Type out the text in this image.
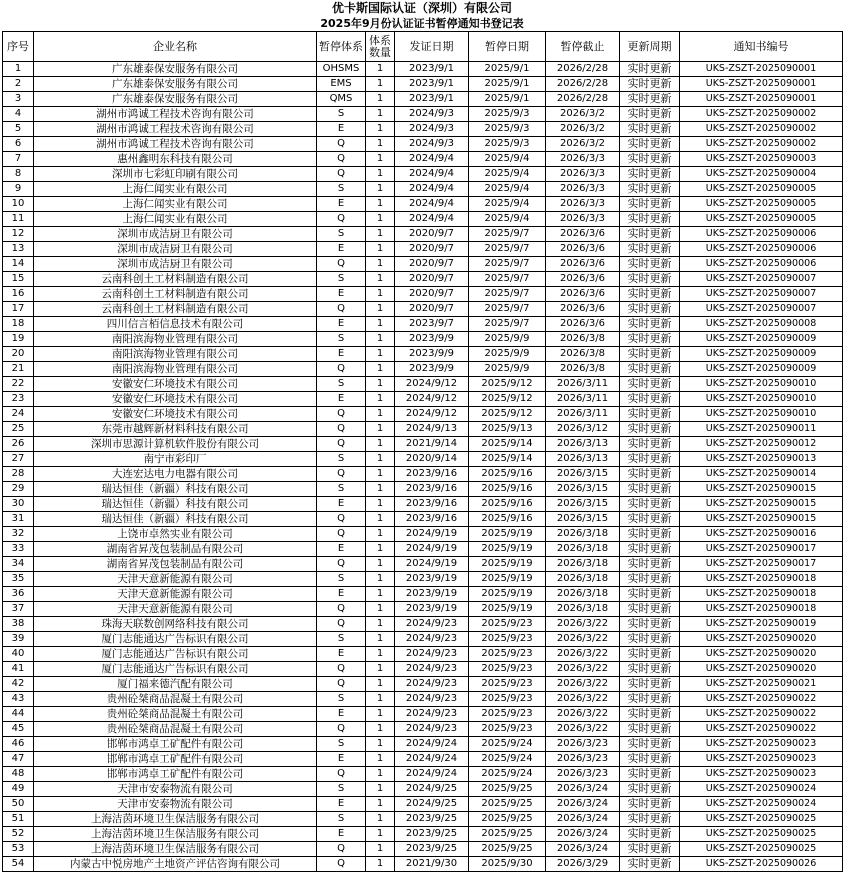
优卡斯国际认证（深圳）有限公司
2025年9月份认证证书暂停通知书登记表
序号	企业名称	暂停体系	体系数量	发证日期	暂停日期	暂停截止	更新周期	通知书编号
1	广东雄泰保安服务有限公司	OHSMS	1	2023/9/1	2025/9/1	2026/2/28	实时更新	UKS-ZSZT-2025090001
2	广东雄泰保安服务有限公司	EMS	1	2023/9/1	2025/9/1	2026/2/28	实时更新	UKS-ZSZT-2025090001
3	广东雄泰保安服务有限公司	QMS	1	2023/9/1	2025/9/1	2026/2/28	实时更新	UKS-ZSZT-2025090001
4	湖州市鸿诚工程技术咨询有限公司	S	1	2024/9/3	2025/9/3	2026/3/2	实时更新	UKS-ZSZT-2025090002
5	湖州市鸿诚工程技术咨询有限公司	E	1	2024/9/3	2025/9/3	2026/3/2	实时更新	UKS-ZSZT-2025090002
6	湖州市鸿诚工程技术咨询有限公司	Q	1	2024/9/3	2025/9/3	2026/3/2	实时更新	UKS-ZSZT-2025090002
7	惠州鑫明东科技有限公司	Q	1	2024/9/4	2025/9/4	2026/3/3	实时更新	UKS-ZSZT-2025090003
8	深圳市七彩虹印刷有限公司	Q	1	2024/9/4	2025/9/4	2026/3/3	实时更新	UKS-ZSZT-2025090004
9	上海仁闻实业有限公司	S	1	2024/9/4	2025/9/4	2026/3/3	实时更新	UKS-ZSZT-2025090005
10	上海仁闻实业有限公司	E	1	2024/9/4	2025/9/4	2026/3/3	实时更新	UKS-ZSZT-2025090005
11	上海仁闻实业有限公司	Q	1	2024/9/4	2025/9/4	2026/3/3	实时更新	UKS-ZSZT-2025090005
12	深圳市成洁厨卫有限公司	S	1	2020/9/7	2025/9/7	2026/3/6	实时更新	UKS-ZSZT-2025090006
13	深圳市成洁厨卫有限公司	E	1	2020/9/7	2025/9/7	2026/3/6	实时更新	UKS-ZSZT-2025090006
14	深圳市成洁厨卫有限公司	Q	1	2020/9/7	2025/9/7	2026/3/6	实时更新	UKS-ZSZT-2025090006
15	云南科创土工材料制造有限公司	S	1	2020/9/7	2025/9/7	2026/3/6	实时更新	UKS-ZSZT-2025090007
16	云南科创土工材料制造有限公司	E	1	2020/9/7	2025/9/7	2026/3/6	实时更新	UKS-ZSZT-2025090007
17	云南科创土工材料制造有限公司	Q	1	2020/9/7	2025/9/7	2026/3/6	实时更新	UKS-ZSZT-2025090007
18	四川信言栢信息技术有限公司	E	1	2023/9/7	2025/9/7	2026/3/6	实时更新	UKS-ZSZT-2025090008
19	南阳滨海物业管理有限公司	S	1	2023/9/9	2025/9/9	2026/3/8	实时更新	UKS-ZSZT-2025090009
20	南阳滨海物业管理有限公司	E	1	2023/9/9	2025/9/9	2026/3/8	实时更新	UKS-ZSZT-2025090009
21	南阳滨海物业管理有限公司	Q	1	2023/9/9	2025/9/9	2026/3/8	实时更新	UKS-ZSZT-2025090009
22	安徽安仁环境技术有限公司	S	1	2024/9/12	2025/9/12	2026/3/11	实时更新	UKS-ZSZT-2025090010
23	安徽安仁环境技术有限公司	E	1	2024/9/12	2025/9/12	2026/3/11	实时更新	UKS-ZSZT-2025090010
24	安徽安仁环境技术有限公司	Q	1	2024/9/12	2025/9/12	2026/3/11	实时更新	UKS-ZSZT-2025090010
25	东莞市越辉新材料科技有限公司	Q	1	2024/9/13	2025/9/13	2026/3/12	实时更新	UKS-ZSZT-2025090011
26	深圳市思源计算机软件股份有限公司	Q	1	2021/9/14	2025/9/14	2026/3/13	实时更新	UKS-ZSZT-2025090012
27	南宁市彩印厂	S	1	2020/9/14	2025/9/14	2026/3/13	实时更新	UKS-ZSZT-2025090013
28	大连宏达电力电器有限公司	Q	1	2023/9/16	2025/9/16	2026/3/15	实时更新	UKS-ZSZT-2025090014
29	瑞达恒佳（新疆）科技有限公司	S	1	2023/9/16	2025/9/16	2026/3/15	实时更新	UKS-ZSZT-2025090015
30	瑞达恒佳（新疆）科技有限公司	E	1	2023/9/16	2025/9/16	2026/3/15	实时更新	UKS-ZSZT-2025090015
31	瑞达恒佳（新疆）科技有限公司	Q	1	2023/9/16	2025/9/16	2026/3/15	实时更新	UKS-ZSZT-2025090015
32	上饶市卓然实业有限公司	Q	1	2024/9/19	2025/9/19	2026/3/18	实时更新	UKS-ZSZT-2025090016
33	湖南省昇茂包装制品有限公司	E	1	2024/9/19	2025/9/19	2026/3/18	实时更新	UKS-ZSZT-2025090017
34	湖南省昇茂包装制品有限公司	Q	1	2024/9/19	2025/9/19	2026/3/18	实时更新	UKS-ZSZT-2025090017
35	天津天意新能源有限公司	S	1	2023/9/19	2025/9/19	2026/3/18	实时更新	UKS-ZSZT-2025090018
36	天津天意新能源有限公司	E	1	2023/9/19	2025/9/19	2026/3/18	实时更新	UKS-ZSZT-2025090018
37	天津天意新能源有限公司	Q	1	2023/9/19	2025/9/19	2026/3/18	实时更新	UKS-ZSZT-2025090018
38	珠海天联数创网络科技有限公司	Q	1	2024/9/23	2025/9/23	2026/3/22	实时更新	UKS-ZSZT-2025090019
39	厦门志能通达广告标识有限公司	S	1	2024/9/23	2025/9/23	2026/3/22	实时更新	UKS-ZSZT-2025090020
40	厦门志能通达广告标识有限公司	E	1	2024/9/23	2025/9/23	2026/3/22	实时更新	UKS-ZSZT-2025090020
41	厦门志能通达广告标识有限公司	Q	1	2024/9/23	2025/9/23	2026/3/22	实时更新	UKS-ZSZT-2025090020
42	厦门福来德汽配有限公司	Q	1	2024/9/23	2025/9/23	2026/3/22	实时更新	UKS-ZSZT-2025090021
43	贵州砼桀商品混凝土有限公司	S	1	2024/9/23	2025/9/23	2026/3/22	实时更新	UKS-ZSZT-2025090022
44	贵州砼桀商品混凝土有限公司	E	1	2024/9/23	2025/9/23	2026/3/22	实时更新	UKS-ZSZT-2025090022
45	贵州砼桀商品混凝土有限公司	Q	1	2024/9/23	2025/9/23	2026/3/22	实时更新	UKS-ZSZT-2025090022
46	邯郸市鸿卓工矿配件有限公司	S	1	2024/9/24	2025/9/24	2026/3/23	实时更新	UKS-ZSZT-2025090023
47	邯郸市鸿卓工矿配件有限公司	E	1	2024/9/24	2025/9/24	2026/3/23	实时更新	UKS-ZSZT-2025090023
48	邯郸市鸿卓工矿配件有限公司	Q	1	2024/9/24	2025/9/24	2026/3/23	实时更新	UKS-ZSZT-2025090023
49	天津市安泰物流有限公司	S	1	2024/9/25	2025/9/25	2026/3/24	实时更新	UKS-ZSZT-2025090024
50	天津市安泰物流有限公司	E	1	2024/9/25	2025/9/25	2026/3/24	实时更新	UKS-ZSZT-2025090024
51	上海洁茵环境卫生保洁服务有限公司	S	1	2023/9/25	2025/9/25	2026/3/24	实时更新	UKS-ZSZT-2025090025
52	上海洁茵环境卫生保洁服务有限公司	E	1	2023/9/25	2025/9/25	2026/3/24	实时更新	UKS-ZSZT-2025090025
53	上海洁茵环境卫生保洁服务有限公司	Q	1	2023/9/25	2025/9/25	2026/3/24	实时更新	UKS-ZSZT-2025090025
54	内蒙古中悦房地产土地资产评估咨询有限公司	Q	1	2021/9/30	2025/9/30	2026/3/29	实时更新	UKS-ZSZT-2025090026
